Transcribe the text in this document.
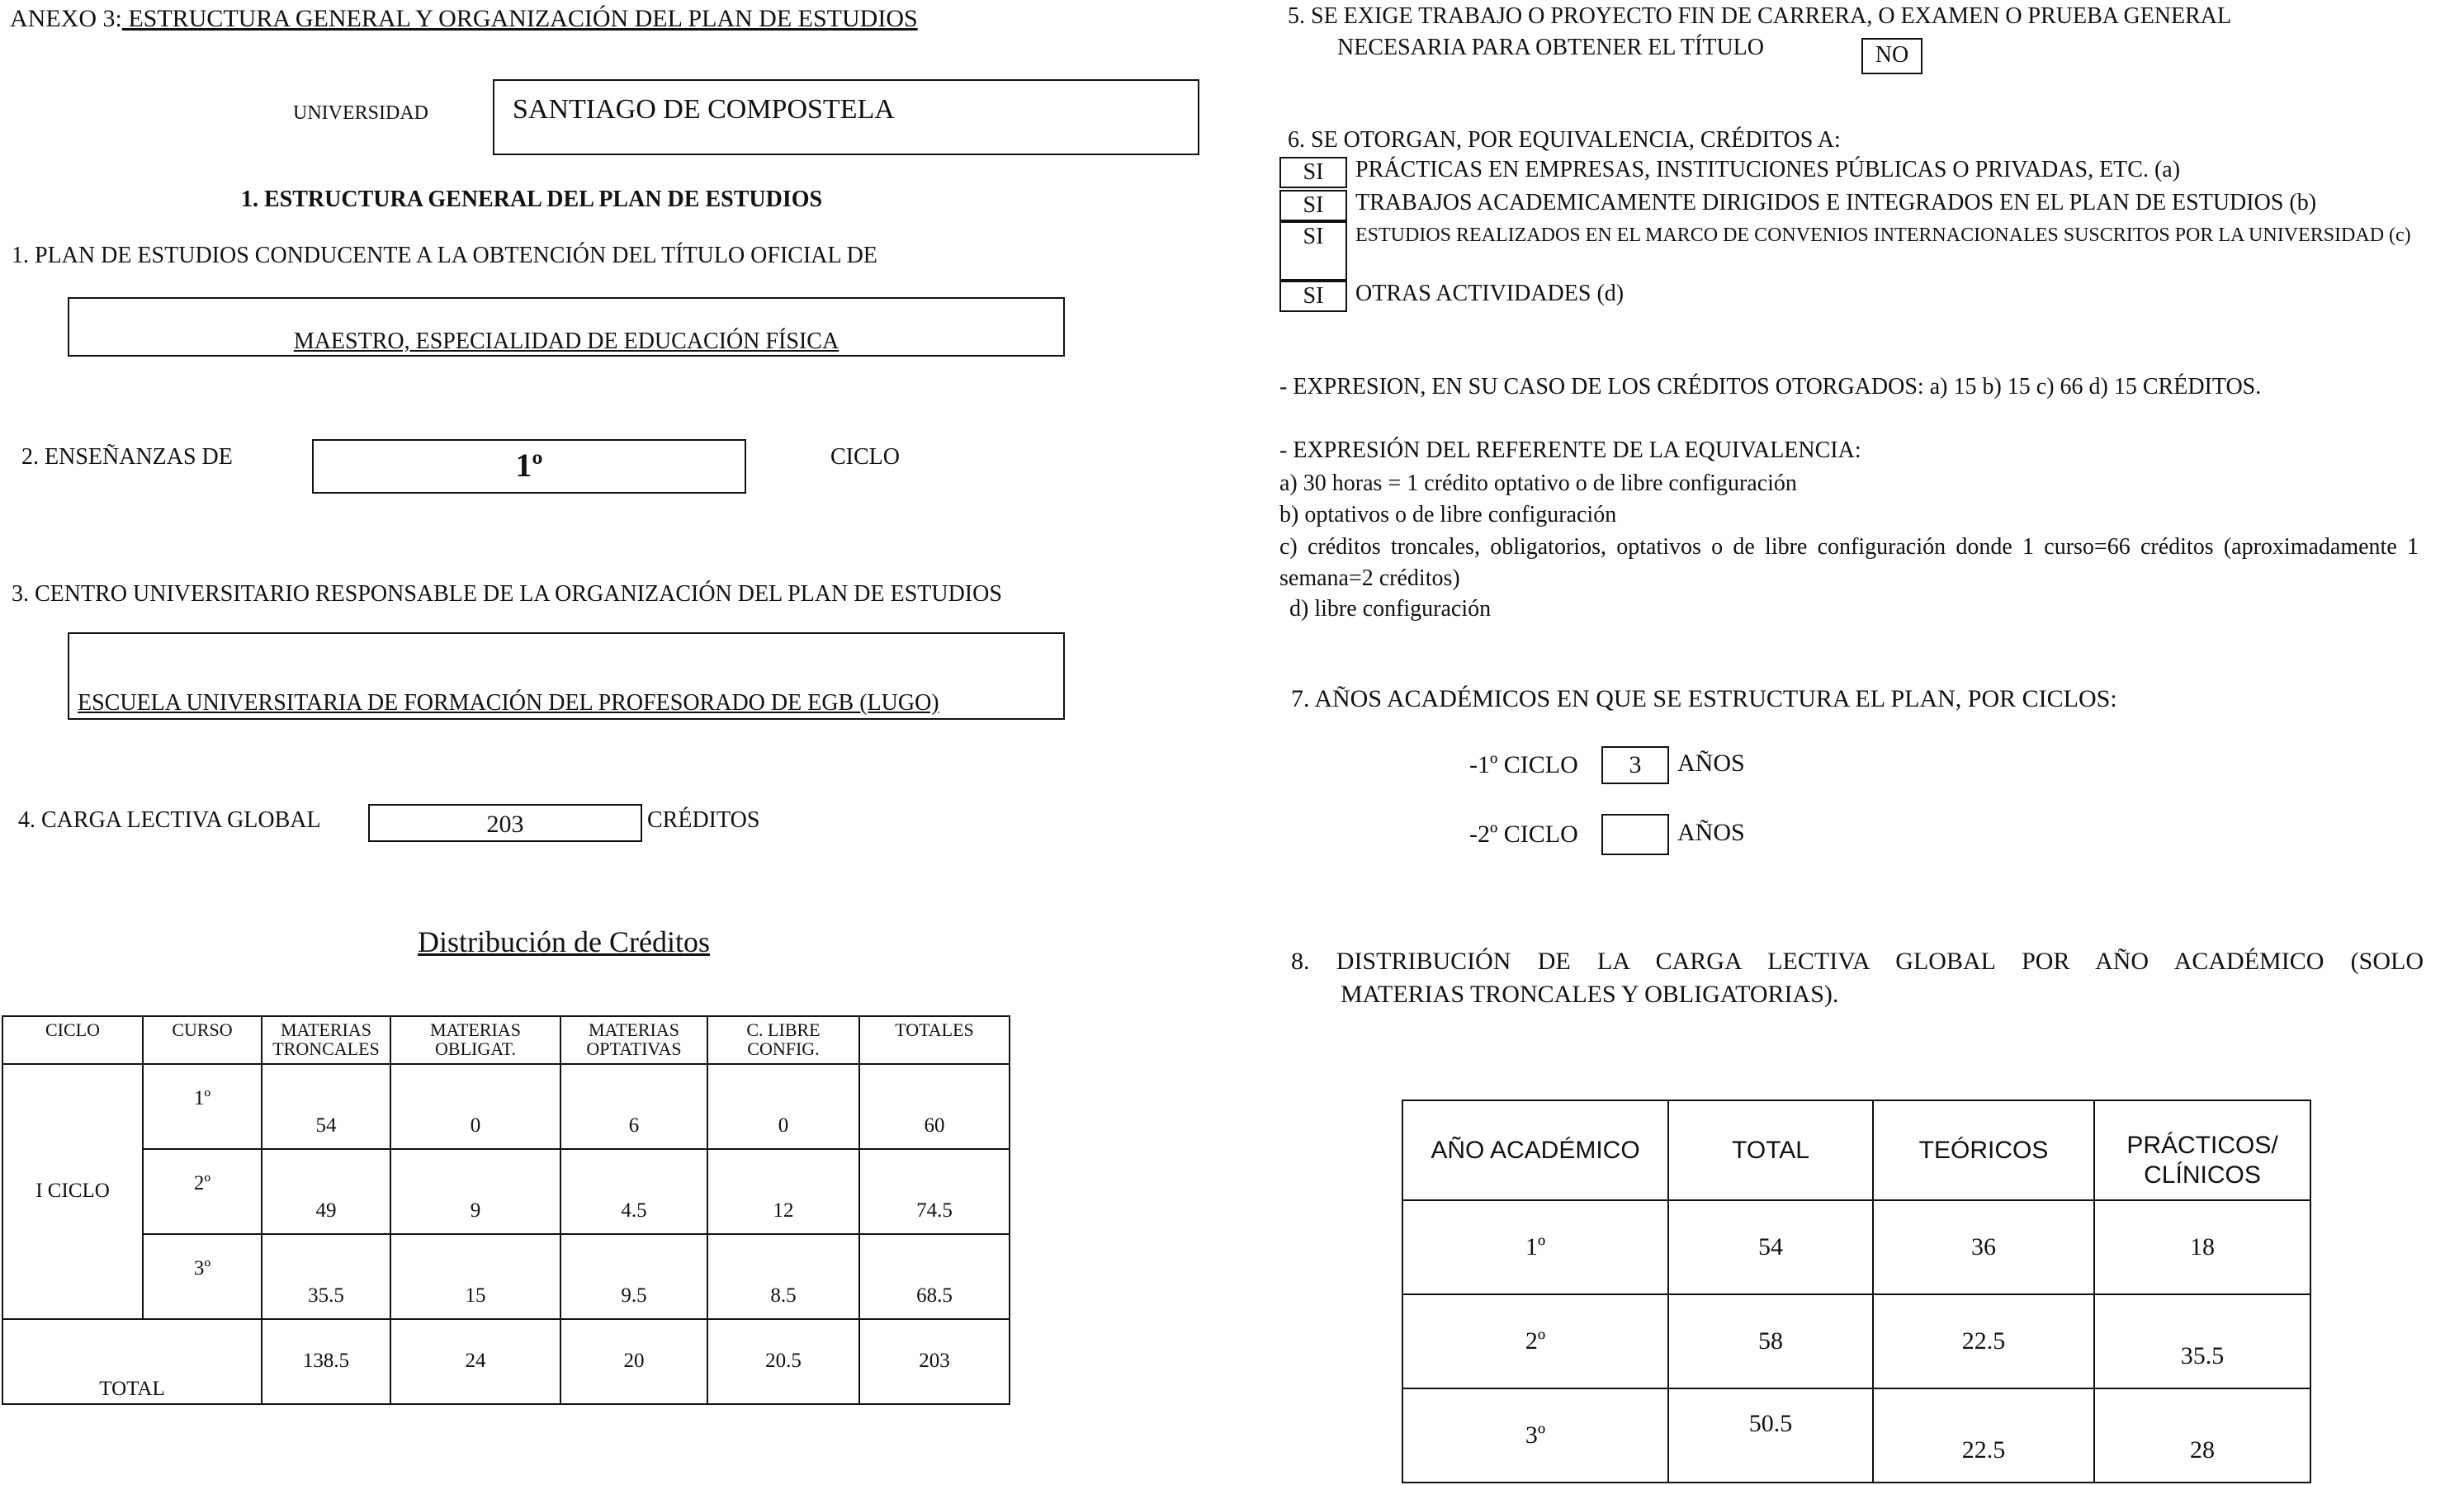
ANEXO 3: ESTRUCTURA GENERAL Y ORGANIZACIÓN DEL PLAN DE ESTUDIOS
UNIVERSIDAD	SANTIAGO DE COMPOSTELA
1. ESTRUCTURA GENERAL DEL PLAN DE ESTUDIOS
1. PLAN DE ESTUDIOS CONDUCENTE A LA OBTENCIÓN DEL TÍTULO OFICIAL DE
MAESTRO, ESPECIALIDAD DE EDUCACIÓN FÍSICA
2. ENSEÑANZAS DE	1º	CICLO
3. CENTRO UNIVERSITARIO RESPONSABLE DE LA ORGANIZACIÓN DEL PLAN DE ESTUDIOS
ESCUELA UNIVERSITARIA DE FORMACIÓN DEL PROFESORADO DE EGB (LUGO)
4. CARGA LECTIVA GLOBAL	203	CRÉDITOS
Distribución de Créditos
CICLO	CURSO	MATERIAS TRONCALES	MATERIAS OBLIGAT.	MATERIAS OPTATIVAS	C. LIBRE CONFIG.	TOTALES
I CICLO	1º	54	0	6	0	60
	2º	49	9	4.5	12	74.5
	3º	35.5	15	9.5	8.5	68.5
TOTAL		138.5	24	20	20.5	203
5. SE EXIGE TRABAJO O PROYECTO FIN DE CARRERA, O EXAMEN O PRUEBA GENERAL
NECESARIA PARA OBTENER EL TÍTULO	NO
6. SE OTORGAN, POR EQUIVALENCIA, CRÉDITOS A:
SI	PRÁCTICAS EN EMPRESAS, INSTITUCIONES PÚBLICAS O PRIVADAS, ETC. (a)
SI	TRABAJOS ACADEMICAMENTE DIRIGIDOS E INTEGRADOS EN EL PLAN DE ESTUDIOS (b)
SI	ESTUDIOS REALIZADOS EN EL MARCO DE CONVENIOS INTERNACIONALES SUSCRITOS POR LA UNIVERSIDAD (c)
SI	OTRAS ACTIVIDADES (d)
- EXPRESION, EN SU CASO DE LOS CRÉDITOS OTORGADOS: a) 15 b) 15 c) 66 d) 15 CRÉDITOS.
- EXPRESIÓN DEL REFERENTE DE LA EQUIVALENCIA:
a) 30 horas = 1 crédito optativo o de libre configuración
b) optativos o de libre configuración
c) créditos troncales, obligatorios, optativos o de libre configuración donde 1 curso=66 créditos (aproximadamente 1 semana=2 créditos)
d) libre configuración
7. AÑOS ACADÉMICOS EN QUE SE ESTRUCTURA EL PLAN, POR CICLOS:
-1º CICLO	3	AÑOS
-2º CICLO	AÑOS
8. DISTRIBUCIÓN DE LA CARGA LECTIVA GLOBAL POR AÑO ACADÉMICO (SOLO
MATERIAS TRONCALES Y OBLIGATORIAS).
AÑO ACADÉMICO	TOTAL	TEÓRICOS	PRÁCTICOS/ CLÍNICOS
1º	54	36	18
2º	58	22.5	35.5
3º	50.5	22.5	28
